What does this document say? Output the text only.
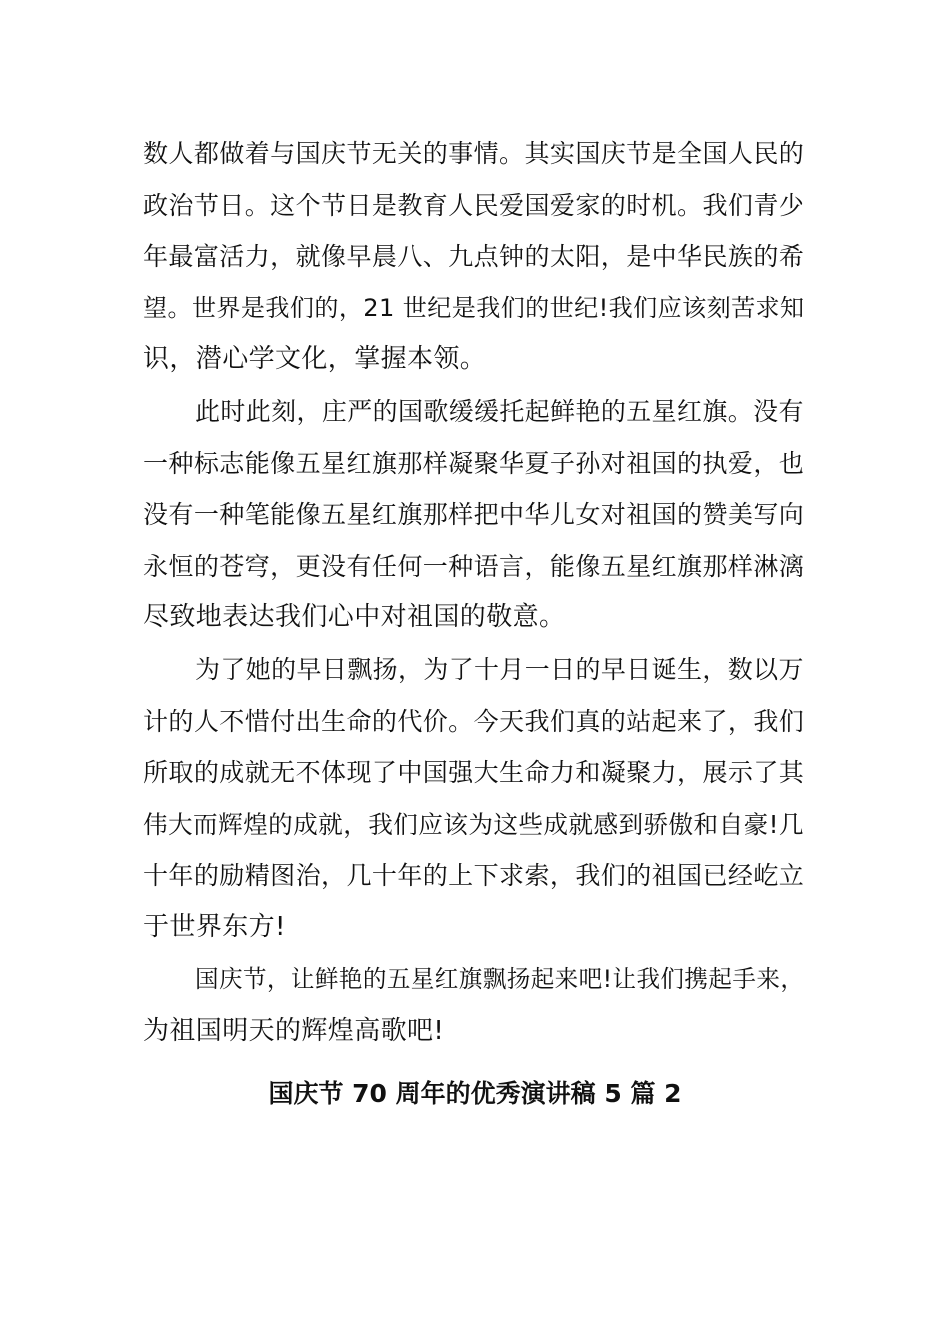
数人都做着与国庆节无关的事情。其实国庆节是全国人民的
政治节日。这个节日是教育人民爱国爱家的时机。我们青少
年最富活力，就像早晨八、九点钟的太阳，是中华民族的希
望。世界是我们的，21 世纪是我们的世纪!我们应该刻苦求知
识，潜心学文化，掌握本领。
此时此刻，庄严的国歌缓缓托起鲜艳的五星红旗。没有
一种标志能像五星红旗那样凝聚华夏子孙对祖国的执爱，也
没有一种笔能像五星红旗那样把中华儿女对祖国的赞美写向
永恒的苍穹，更没有任何一种语言，能像五星红旗那样淋漓
尽致地表达我们心中对祖国的敬意。
为了她的早日飘扬，为了十月一日的早日诞生，数以万
计的人不惜付出生命的代价。今天我们真的站起来了，我们
所取的成就无不体现了中国强大生命力和凝聚力，展示了其
伟大而辉煌的成就，我们应该为这些成就感到骄傲和自豪!几
十年的励精图治，几十年的上下求索，我们的祖国已经屹立
于世界东方!
国庆节，让鲜艳的五星红旗飘扬起来吧!让我们携起手来，
为祖国明天的辉煌高歌吧!
国庆节 70 周年的优秀演讲稿 5 篇 2
